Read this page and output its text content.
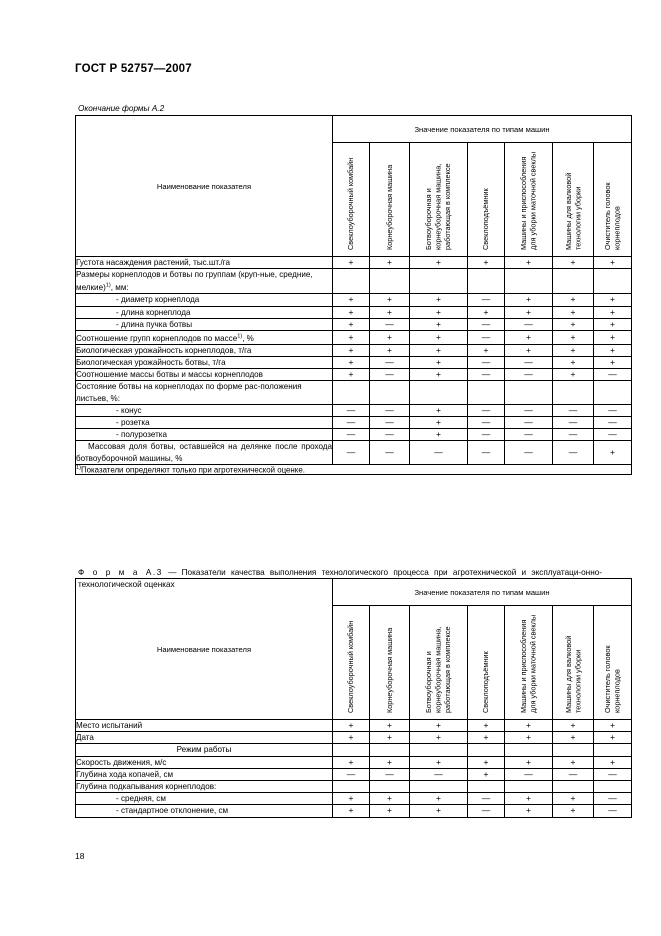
ГОСТ Р 52757—2007
Окончание формы А.2
Наименование показателя	Значение показателя по типам машин						

	Свеклоуборочный комбайн	Корнеуборочная машина	Ботвоуборочная и корнеуборочная машина, работающая в комплексе	Свеклоподъёмник	Машины и приспособления для уборки маточной свеклы	Машины для валковой технологии уборки	Очиститель головок корнеплодов

Густота насаждения растений, тыс.шт./га	+	+	+	+	+	+	+
Размеры корнеплодов и ботвы по группам (круп-ные, средние, мелкие)$^{1)}$, мм:							
- диаметр корнеплода	+	+	+	—	+	+	+
- длина корнеплода	+	+	+	+	+	+	+
- длина пучка ботвы	+	—	+	—	—	+	+
Соотношение групп корнеплодов по массе$^{1)}$, %	+	+	+	—	+	+	+
Биологическая урожайность корнеплодов, т/га	+	+	+	+	+	+	+
Биологическая урожайность ботвы, т/га	+	—	+	—	—	+	+
Соотношение массы ботвы и массы корнеплодов	+	—	+	—	—	+	—
Состояние ботвы на корнеплодах по форме рас-положения листьев, %:							
- конус	—	—	+	—	—	—	—
- розетка	—	—	+	—	—	—	—
- полурозетка	—	—	+	—	—	—	—

Массовая доля ботвы, оставшейся на делянке после прохода ботвоуборочной машины, %	—	—	—	—	—	—	+
$^{1)}$Показатели определяют только при агротехнической оценке.							
Ф о р м а А.3 — Показатели качества выполнения технологического процесса при агротехнической и эксплуатаци-онно-технологической оценках
Наименование показателя	Значение показателя по типам машин						

	Свеклоуборочный комбайн	Корнеуборочная машина	Ботвоуборочная и корнеуборочная машина, работающая в комплексе	Свеклоподъёмник	Машины и приспособления для уборки маточной свеклы	Машины для валковой технологии уборки	Очиститель головок корнеплодов

Место испытаний	+	+	+	+	+	+	+
Дата	+	+	+	+	+	+	+

Режим работы							

Скорость движения, м/с	+	+	+	+	+	+	+
Глубина хода копачей, см	—	—	—	+	—	—	—
Глубина подкапывания корнеплодов:							
- средняя, см	+	+	+	—	+	+	—
- стандартное отклонение, см	+	+	+	—	+	+	—
18
